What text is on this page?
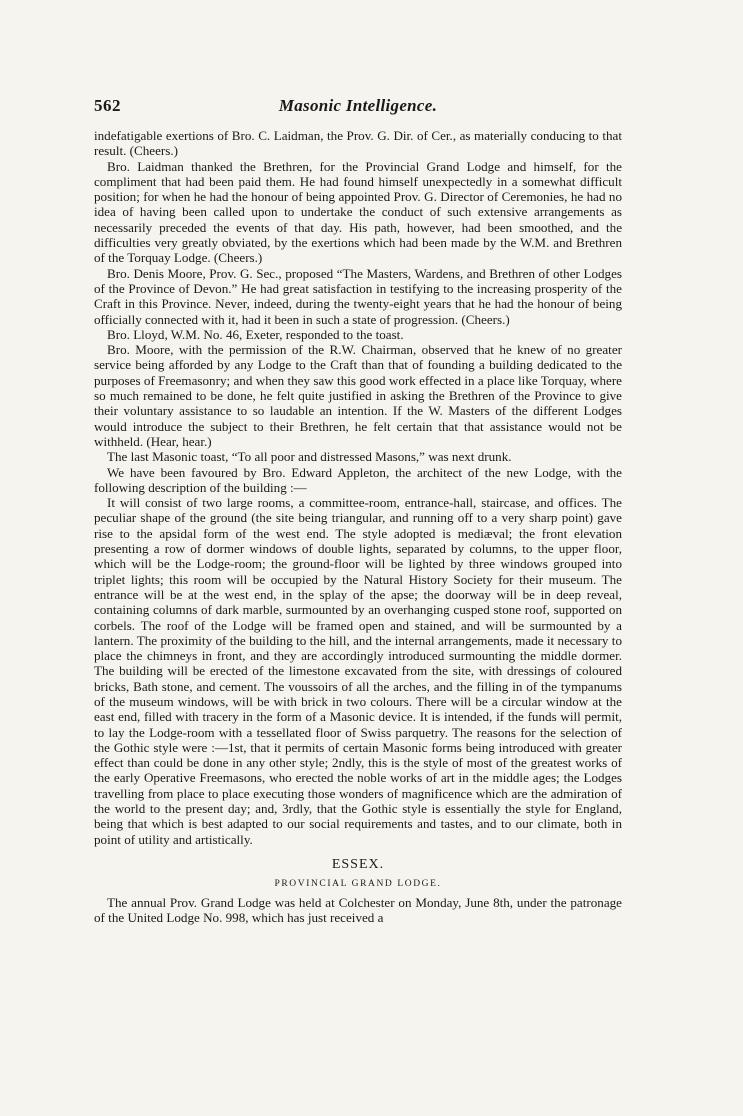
562	Masonic Intelligence.

indefatigable exertions of Bro. C. Laidman, the Prov. G. Dir. of Cer., as materially conducing to that result. (Cheers.)

Bro. Laidman thanked the Brethren, for the Provincial Grand Lodge and himself, for the compliment that had been paid them. He had found himself unexpectedly in a somewhat difficult position; for when he had the honour of being appointed Prov. G. Director of Ceremonies, he had no idea of having been called upon to undertake the conduct of such extensive arrangements as necessarily preceded the events of that day. His path, however, had been smoothed, and the difficulties very greatly obviated, by the exertions which had been made by the W.M. and Brethren of the Torquay Lodge. (Cheers.)

Bro. Denis Moore, Prov. G. Sec., proposed “The Masters, Wardens, and Brethren of other Lodges of the Province of Devon.” He had great satisfaction in testifying to the increasing prosperity of the Craft in this Province. Never, indeed, during the twenty-eight years that he had the honour of being officially connected with it, had it been in such a state of progression. (Cheers.)

Bro. Lloyd, W.M. No. 46, Exeter, responded to the toast.

Bro. Moore, with the permission of the R.W. Chairman, observed that he knew of no greater service being afforded by any Lodge to the Craft than that of founding a building dedicated to the purposes of Freemasonry; and when they saw this good work effected in a place like Torquay, where so much remained to be done, he felt quite justified in asking the Brethren of the Province to give their voluntary assistance to so laudable an intention. If the W. Masters of the different Lodges would introduce the subject to their Brethren, he felt certain that that assistance would not be withheld. (Hear, hear.)

The last Masonic toast, “To all poor and distressed Masons,” was next drunk.

We have been favoured by Bro. Edward Appleton, the architect of the new Lodge, with the following description of the building :—

It will consist of two large rooms, a committee-room, entrance-hall, staircase, and offices. The peculiar shape of the ground (the site being triangular, and running off to a very sharp point) gave rise to the apsidal form of the west end. The style adopted is mediæval; the front elevation presenting a row of dormer windows of double lights, separated by columns, to the upper floor, which will be the Lodge-room; the ground-floor will be lighted by three windows grouped into triplet lights; this room will be occupied by the Natural History Society for their museum. The entrance will be at the west end, in the splay of the apse; the doorway will be in deep reveal, containing columns of dark marble, surmounted by an overhanging cusped stone roof, supported on corbels. The roof of the Lodge will be framed open and stained, and will be surmounted by a lantern. The proximity of the building to the hill, and the internal arrangements, made it necessary to place the chimneys in front, and they are accordingly introduced surmounting the middle dormer. The building will be erected of the limestone excavated from the site, with dressings of coloured bricks, Bath stone, and cement. The voussoirs of all the arches, and the filling in of the tympanums of the museum windows, will be with brick in two colours. There will be a circular window at the east end, filled with tracery in the form of a Masonic device. It is intended, if the funds will permit, to lay the Lodge-room with a tessellated floor of Swiss parquetry. The reasons for the selection of the Gothic style were :—1st, that it permits of certain Masonic forms being introduced with greater effect than could be done in any other style; 2ndly, this is the style of most of the greatest works of the early Operative Freemasons, who erected the noble works of art in the middle ages; the Lodges travelling from place to place executing those wonders of magnificence which are the admiration of the world to the present day; and, 3rdly, that the Gothic style is essentially the style for England, being that which is best adapted to our social requirements and tastes, and to our climate, both in point of utility and artistically.

ESSEX.
PROVINCIAL GRAND LODGE.

The annual Prov. Grand Lodge was held at Colchester on Monday, June 8th, under the patronage of the United Lodge No. 998, which has just received a
